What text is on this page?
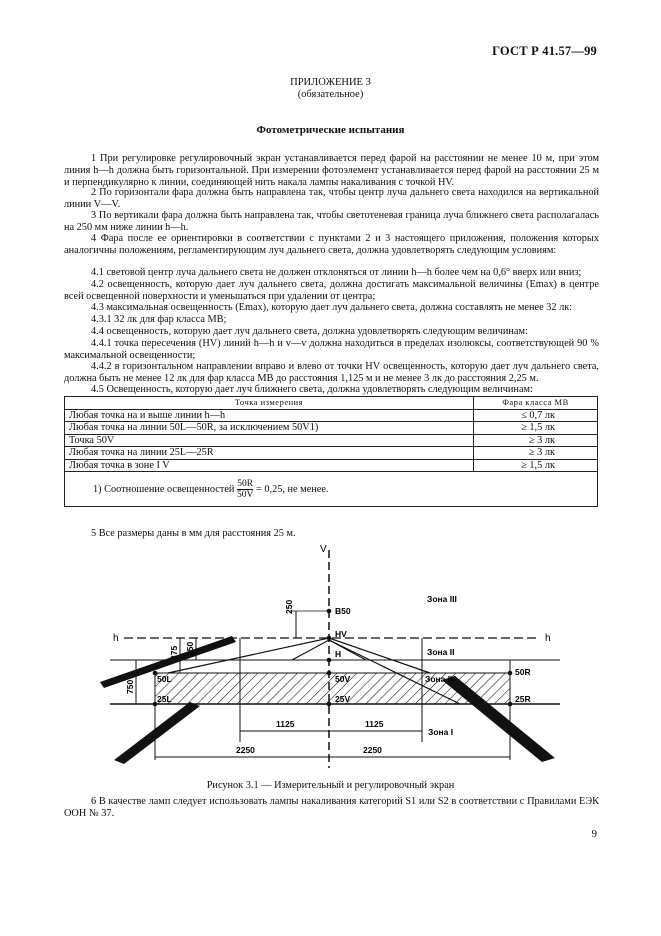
ГОСТ Р 41.57—99
ПРИЛОЖЕНИЕ 3
(обязательное)
Фотометрические испытания
1 При регулировке регулировочный экран устанавливается перед фарой на расстоянии не менее 10 м, при этом линия h—h должна быть горизонтальной. При измерении фотоэлемент устанавливается перед фарой на расстоянии 25 м и перпендикулярно к линии, соединяющей нить накала лампы накаливания с точкой HV.
2 По горизонтали фара должна быть направлена так, чтобы центр луча дальнего света находился на вертикальной линии V—V.
3 По вертикали фара должна быть направлена так, чтобы светотеневая граница луча ближнего света располагалась на 250 мм ниже линии h—h.
4 Фара после ее ориентировки в соответствии с пунктами 2 и 3 настоящего приложения, положения которых аналогичны положениям, регламентирующим луч дальнего света, должна удовлетворять следующим условиям:
4.1 световой центр луча дальнего света не должен отклоняться от линии h—h более чем на 0,6° вверх или вниз;
4.2 освещенность, которую дает луч дальнего света, должна достигать максимальной величины (Emax) в центре всей освещенной поверхности и уменьшаться при удалении от центра;
4.3 максимальная освещенность (Emax), которую дает луч дальнего света, должна составлять не менее 32 лк:
4.3.1 32 лк для фар класса МВ;
4.4 освещенность, которую дает луч дальнего света, должна удовлетворять следующим величинам:
4.4.1 точка пересечения (HV) линий h—h и v—v должна находиться в пределах изолюксы, соответствующей 90 % максимальной освещенности;
4.4.2 в горизонтальном направлении вправо и влево от точки HV освещенность, которую дает луч дальнего света, должна быть не менее 12 лк для фар класса МВ до расстояния 1,125 м и не менее 3 лк до расстояния 2,25 м.
4.5 Освещенность, которую дает луч ближнего света, должна удовлетворять следующим величинам:
Точка измерения	Фара класса МВ
Любая точка на и выше линии h—h	≤ 0,7 лк
Любая точка на линии 50L—50R, за исключением 50V1)	≥ 1,5 лк
Точка 50V	≥ 3 лк
Любая точка на линии 25L—25R	≥ 3 лк
Любая точка в зоне I V	≥ 1,5 лк
1) Соотношение освещенностей $\frac{50R}{50V} = 0,25$, не менее.	
5 Все размеры даны в мм для расстояния 25 м.
V
h	h
Зона III
Зона II
Зона IV
Зона I
B50
HV
H
50L	50V
50R
25L	25V	25R
250
375 250
750
1125	1125
2250	2250
Рисунок 3.1 — Измерительный и регулировочный экран
6 В качестве ламп следует использовать лампы накаливания категорий S1 или S2 в соответствии с Правилами ЕЭК ООН № 37.
9
